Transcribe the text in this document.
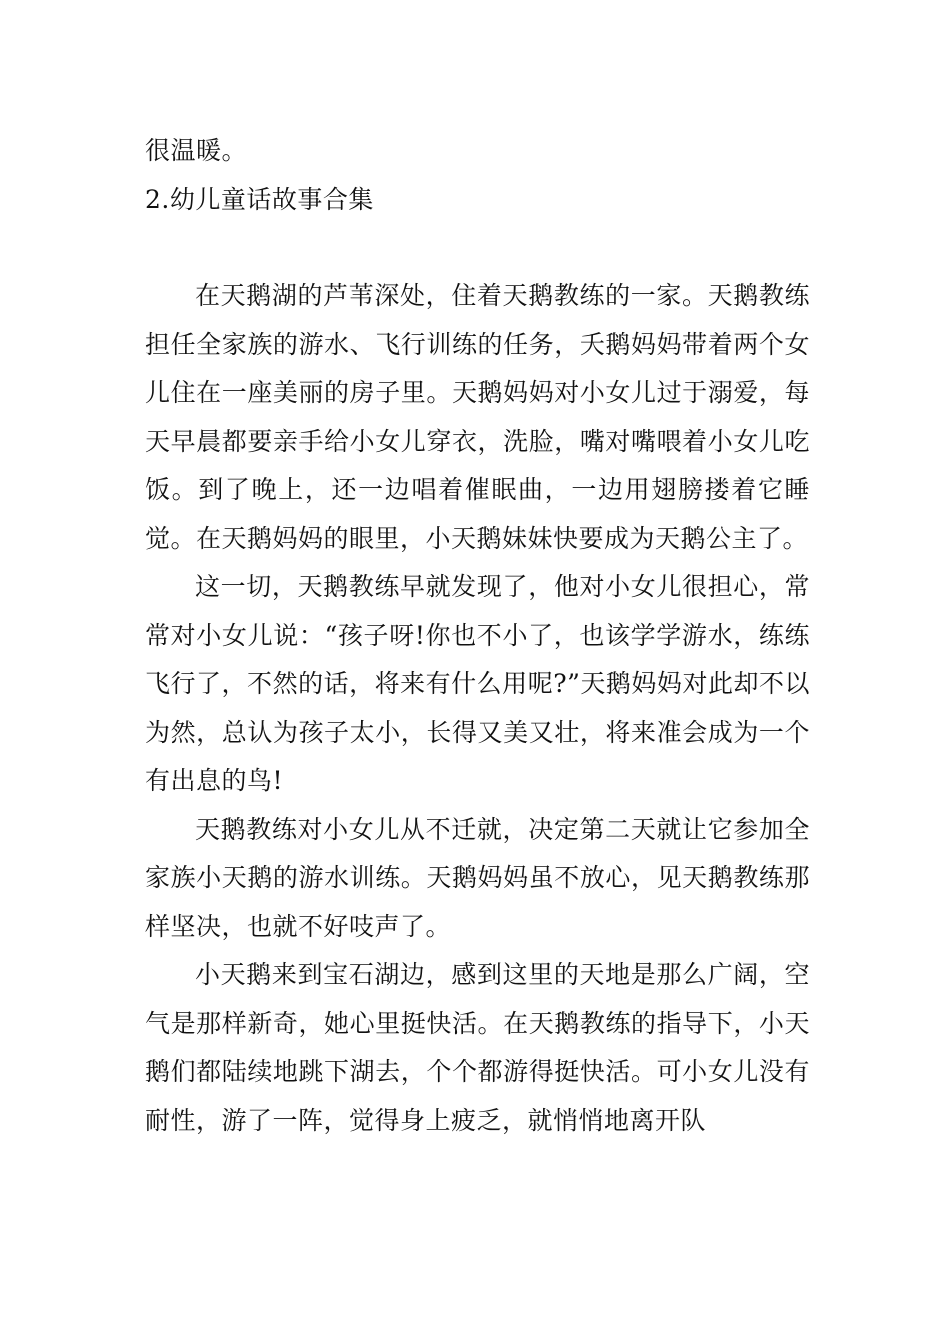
很温暖。

2.幼儿童话故事合集

在天鹅湖的芦苇深处，住着天鹅教练的一家。天鹅教练担任全家族的游水、飞行训练的任务，夭鹅妈妈带着两个女儿住在一座美丽的房子里。天鹅妈妈对小女儿过于溺爱，每天早晨都要亲手给小女儿穿衣，洗脸，嘴对嘴喂着小女儿吃饭。到了晚上，还一边唱着催眠曲，一边用翅膀搂着它睡觉。在天鹅妈妈的眼里，小天鹅妹妹快要成为天鹅公主了。

这一切，天鹅教练早就发现了，他对小女儿很担心，常常对小女儿说：“孩子呀!你也不小了，也该学学游水，练练飞行了，不然的话，将来有什么用呢?”天鹅妈妈对此却不以为然，总认为孩子太小，长得又美又壮，将来准会成为一个有出息的鸟!

天鹅教练对小女儿从不迁就，决定第二天就让它参加全家族小天鹅的游水训练。天鹅妈妈虽不放心，见天鹅教练那样坚决，也就不好吱声了。

小天鹅来到宝石湖边，感到这里的天地是那么广阔，空气是那样新奇，她心里挺快活。在天鹅教练的指导下，小天鹅们都陆续地跳下湖去，个个都游得挺快活。可小女儿没有耐性，游了一阵，觉得身上疲乏，就悄悄地离开队
